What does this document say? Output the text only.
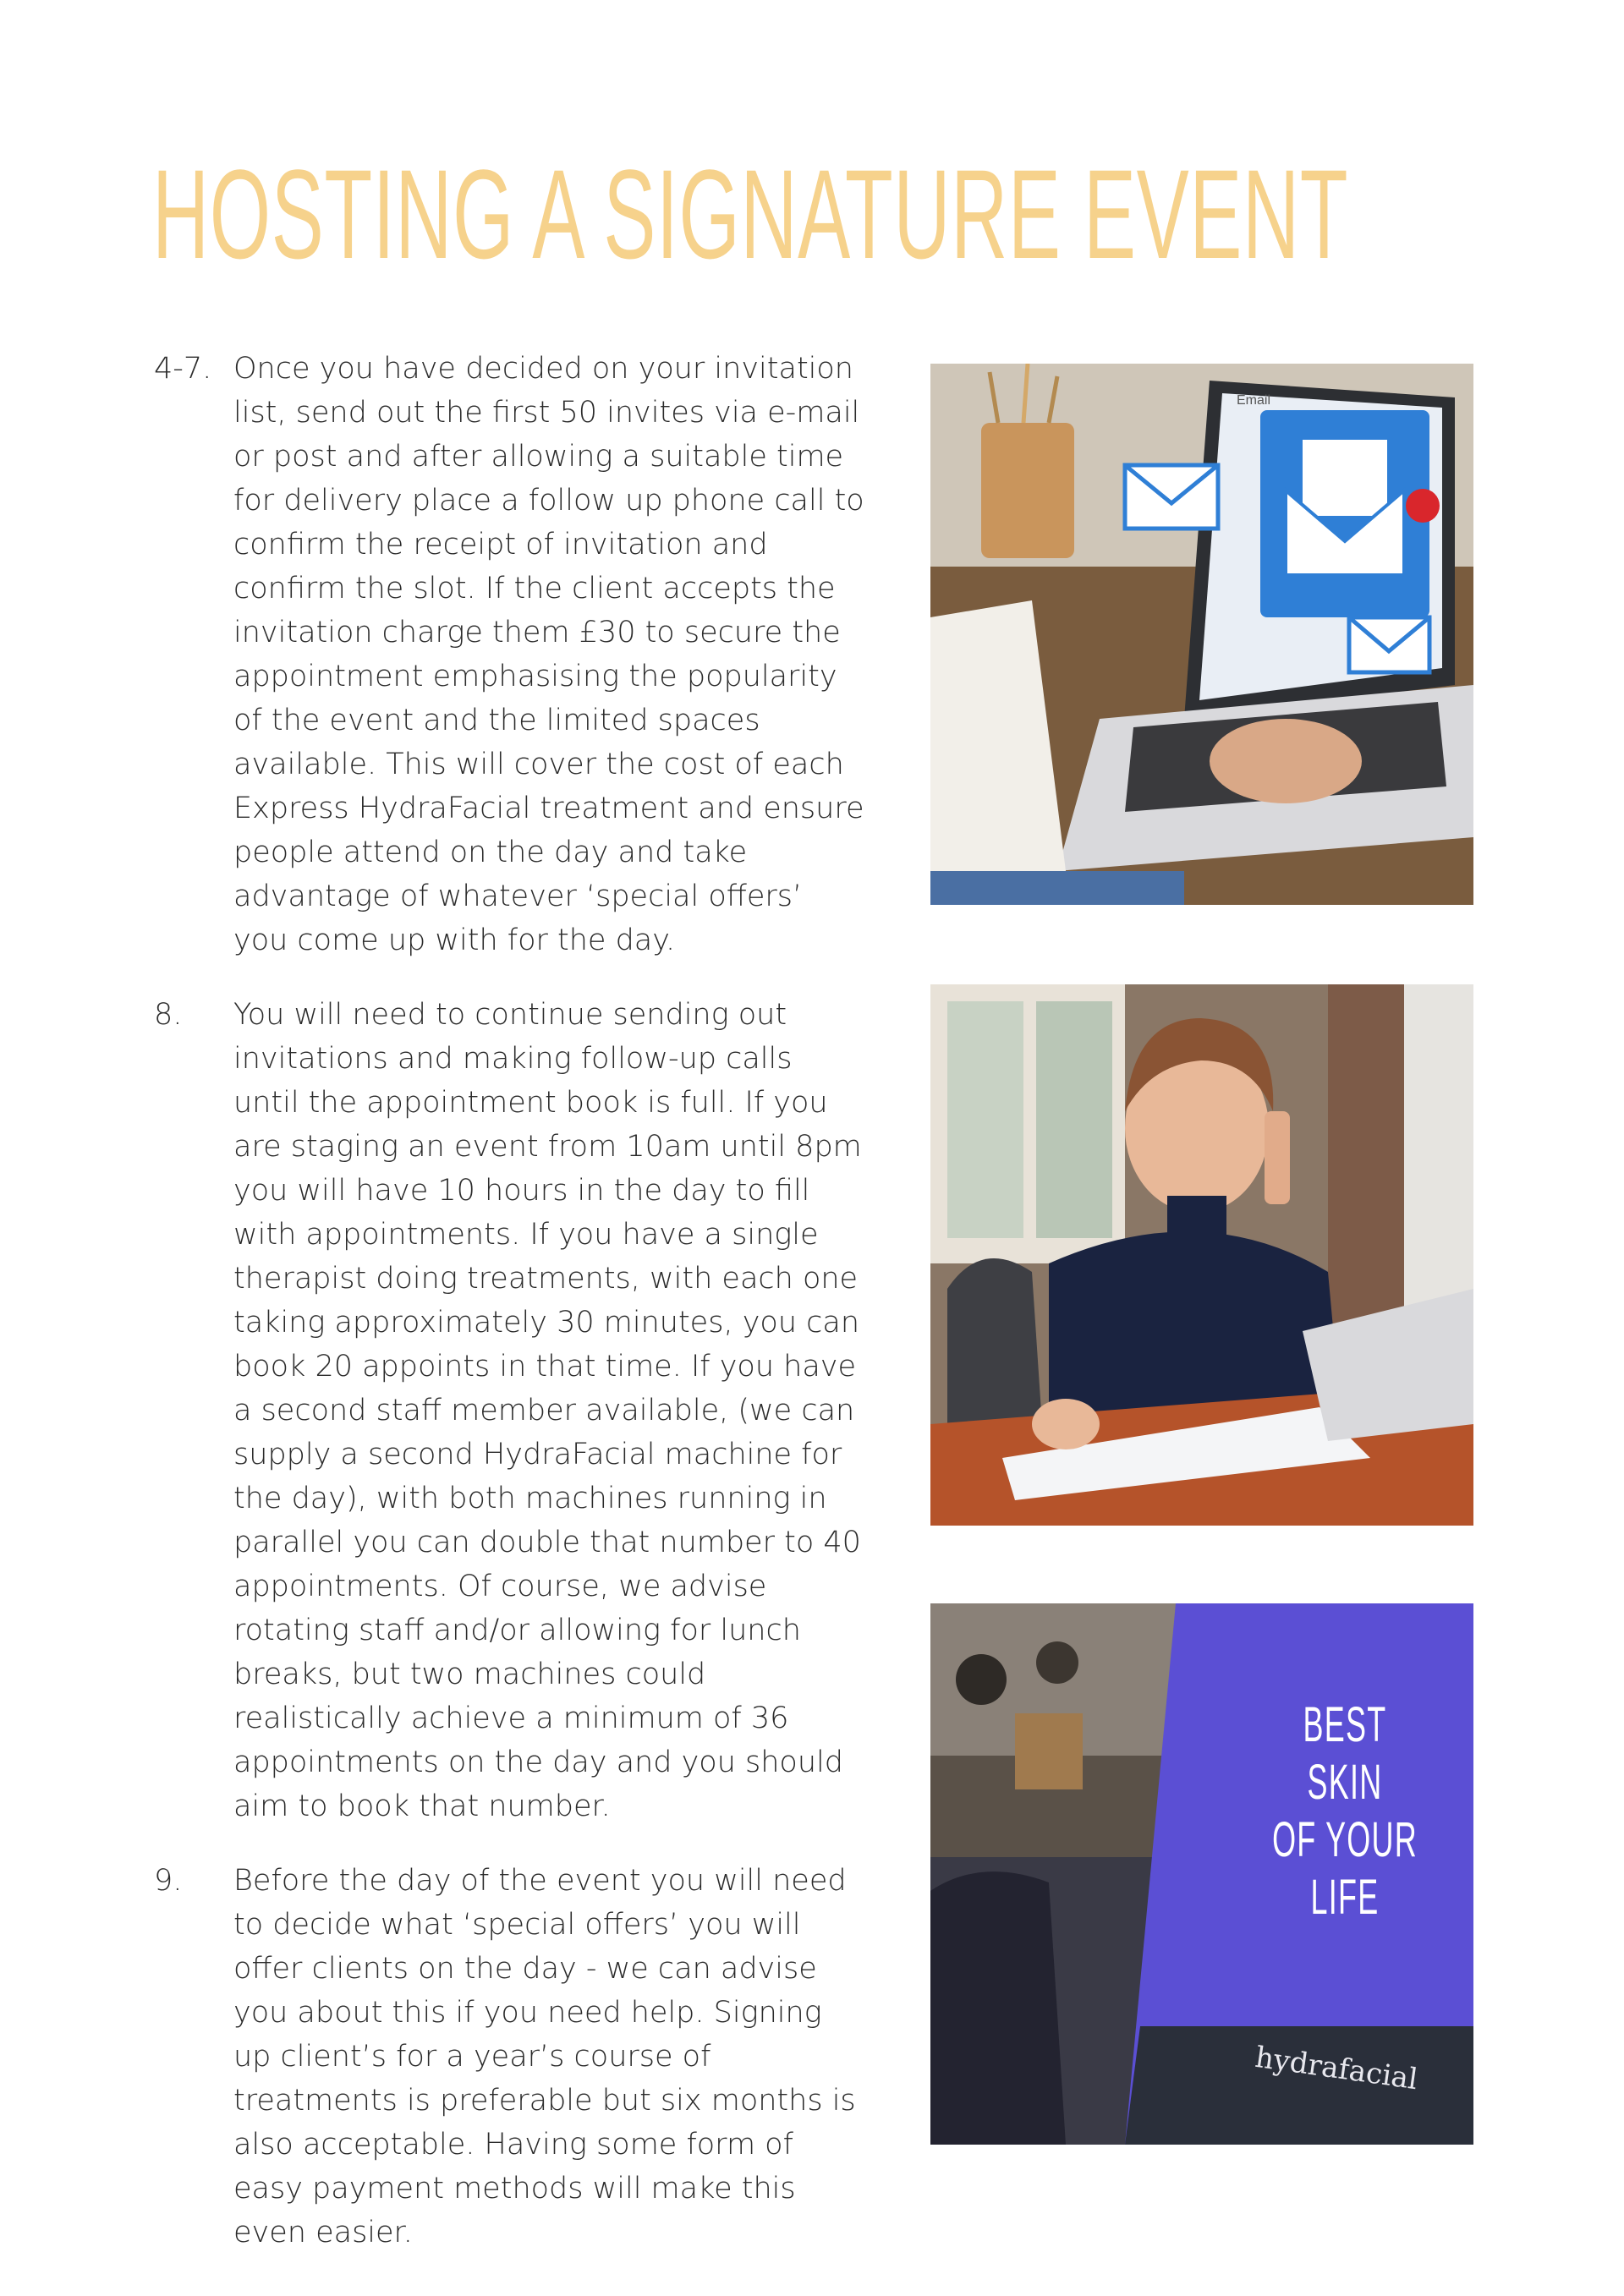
HOSTING A SIGNATURE EVENT
4-7. Once you have decided on your invitation list, send out the first 50 invites via e-mail or post and after allowing a suitable time for delivery place a follow up phone call to confirm the receipt of invitation and confirm the slot. If the client accepts the invitation charge them £30 to secure the appointment emphasising the popularity of the event and the limited spaces available. This will cover the cost of each Express HydraFacial treatment and ensure people attend on the day and take advantage of whatever ‘special offers’ you come up with for the day.

8. You will need to continue sending out invitations and making follow-up calls until the appointment book is full. If you are staging an event from 10am until 8pm you will have 10 hours in the day to fill with appointments. If you have a single therapist doing treatments, with each one taking approximately 30 minutes, you can book 20 appoints in that time. If you have a second staff member available, (we can supply a second HydraFacial machine for the day), with both machines running in parallel you can double that number to 40 appointments. Of course, we advise rotating staff and/or allowing for lunch breaks, but two machines could realistically achieve a minimum of 36 appointments on the day and you should aim to book that number.

9. Before the day of the event you will need to decide what ‘special offers’ you will offer clients on the day - we can advise you about this if you need help. Signing up client’s for a year’s course of treatments is preferable but six months is also acceptable. Having some form of easy payment methods will make this even easier.

Email
BEST SKIN
OF YOUR LIFE
hydrafacial
